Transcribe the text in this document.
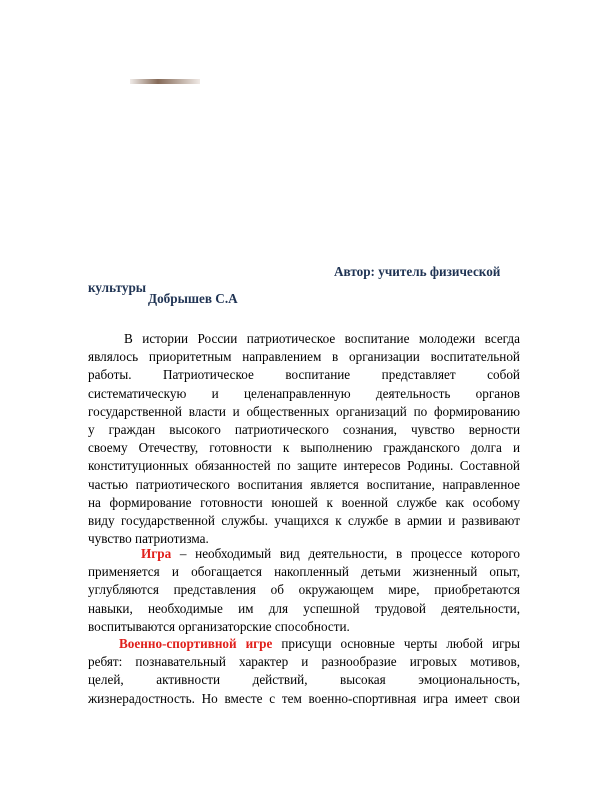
Автор: учитель физической
культуры
Добрышев С.А
В истории России патриотическое воспитание молодежи всегда
являлось приоритетным направлением в организации воспитательной
работы. Патриотическое воспитание представляет собой
систематическую и целенаправленную деятельность органов
государственной власти и общественных организаций по формированию
у граждан высокого патриотического сознания, чувство верности
своему Отечеству, готовности к выполнению гражданского долга и
конституционных обязанностей по защите интересов Родины. Составной
частью патриотического воспитания является воспитание, направленное
на формирование готовности юношей к военной службе как особому
виду государственной службы. учащихся к службе в армии и развивают
чувство патриотизма.
Игра – необходимый вид деятельности, в процессе которого
применяется и обогащается накопленный детьми жизненный опыт,
углубляются представления об окружающем мире, приобретаются
навыки, необходимые им для успешной трудовой деятельности,
воспитываются организаторские способности.
Военно-спортивной игре присущи основные черты любой игры
ребят: познавательный характер и разнообразие игровых мотивов,
целей, активности действий, высокая эмоциональность,
жизнерадостность. Но вместе с тем военно-спортивная игра имеет свои
